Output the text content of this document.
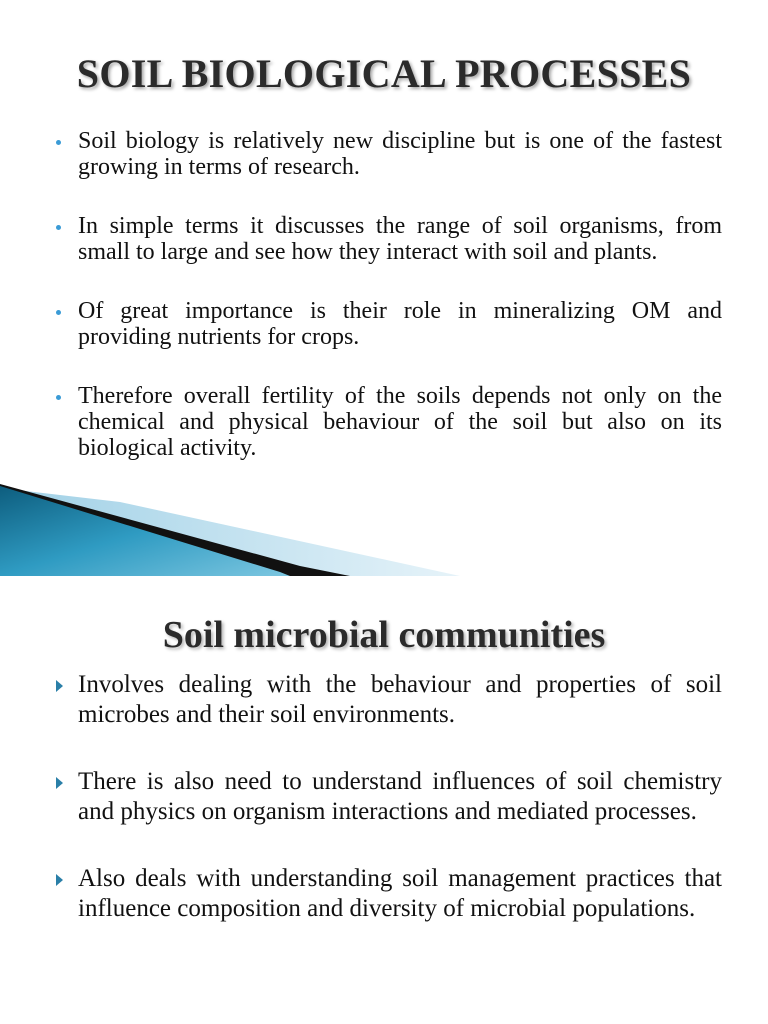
SOIL BIOLOGICAL PROCESSES
Soil biology is relatively new discipline but is one of the fastest growing in terms of research.
In simple terms it discusses the range of soil organisms, from small to large and see how they interact with soil and plants.
Of great importance is their role in mineralizing OM and providing nutrients for crops.
Therefore overall fertility of the soils depends not only on the chemical and physical behaviour of the soil but also on its biological activity.
Soil microbial communities
Involves dealing with the behaviour and properties of soil microbes and their soil environments.
There is also need to understand influences of soil chemistry and physics on organism interactions and mediated processes.
Also deals with understanding soil management practices that influence composition and diversity of microbial populations.
